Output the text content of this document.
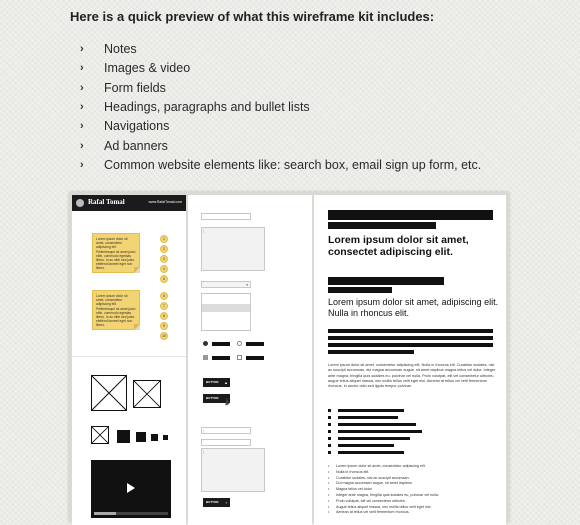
Here is a quick preview of what this wireframe kit includes:

›	Notes
›	Images & video
›	Form fields
›	Headings, paragraphs and bullet lists
›	Navigations
›	Ad banners
›	Common website elements like: search box, email sign up form, etc.
Rafal Tomal	www.RafalTomal.com
Lorem ipsum dolor sit amet, consectetur adipiscing elit. Pellentesque sit amet justo nibh, commodo egestas libero. In ac nibh sed justo eleifend laoreet eget non libero.
Lorem ipsum dolor sit amet, consectetur adipiscing elit. Pellentesque sit amet justo nibh, commodo egestas libero. In ac nibh sed justo eleifend laoreet eget non libero.
1
2
3
4
5
6
7
8
9
10
|
▾
BUTTON ▴
BUTTON
|
|
BUTTON ›
Lorem ipsum dolor sit amet, consectet adipiscing elit.
Lorem ipsum dolor sit amet, adipiscing elit. Nulla in rhoncus elit.

Lorem ipsum dolor sit amet, consectetur adipiscing elit. Nulla in rhoncus elit. Curabitur sodales, nisi ac suscipit accumsan, dui magna accumsan augue, sit amet dapibus magna tellus vel dolor. Integer ante magna, fringilla quis sodales eu, pulvinar vel nulla. Proin volutpat, elit vel consectetur ultricies, augue tellus aliquet massa, nec mollis tellus velit eget nisi. Aenean at tellus vel velit fermentum rhoncus. In auctor odio sed ligula tempor pulvinar.

• Lorem ipsum dolor sit amet, consectetur adipiscing elit.
• Nulla in rhoncus elit.
• Curabitur sodales, nisi ac suscipit accumsan.
• Dui magna accumsan augue, sit amet dapibus
• Magna tellus vel dolor.
• Integer ante magna, fringilla quis sodales eu, pulvinar vel nulla.
• Proin volutpat, elit vel consectetur ultricies.
• Augue tellus aliquet massa, nec mollis tellus velit eget nisi.
• Aenean at tellus vel velit fermentum rhoncus.
